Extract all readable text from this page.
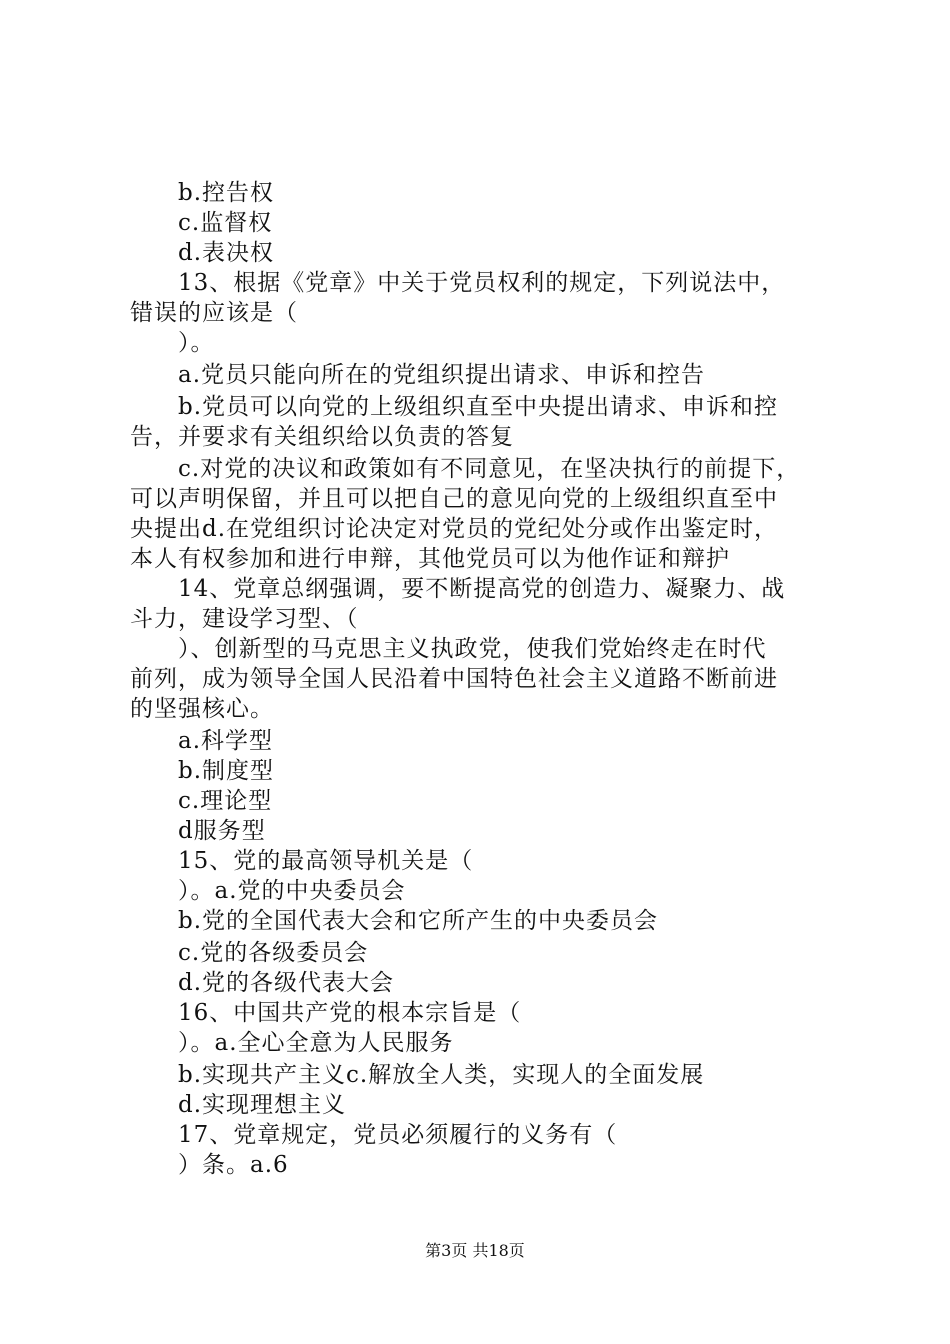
b.控告权

c.监督权

d.表决权

13、根据《党章》中关于党员权利的规定，下列说法中，

错误的应该是（

）。

a.党员只能向所在的党组织提出请求、申诉和控告

b.党员可以向党的上级组织直至中央提出请求、申诉和控

告，并要求有关组织给以负责的答复

c.对党的决议和政策如有不同意见，在坚决执行的前提下，

可以声明保留，并且可以把自己的意见向党的上级组织直至中

央提出d.在党组织讨论决定对党员的党纪处分或作出鉴定时，

本人有权参加和进行申辩，其他党员可以为他作证和辩护

14、党章总纲强调，要不断提高党的创造力、凝聚力、战

斗力，建设学习型、（

）、创新型的马克思主义执政党，使我们党始终走在时代

前列，成为领导全国人民沿着中国特色社会主义道路不断前进

的坚强核心。

a.科学型

b.制度型

c.理论型

d服务型

15、党的最高领导机关是（

）。a.党的中央委员会

b.党的全国代表大会和它所产生的中央委员会

c.党的各级委员会

d.党的各级代表大会

16、中国共产党的根本宗旨是（

）。a.全心全意为人民服务

b.实现共产主义c.解放全人类，实现人的全面发展

d.实现理想主义

17、党章规定，党员必须履行的义务有（

）条。a.6

第3页 共18页
